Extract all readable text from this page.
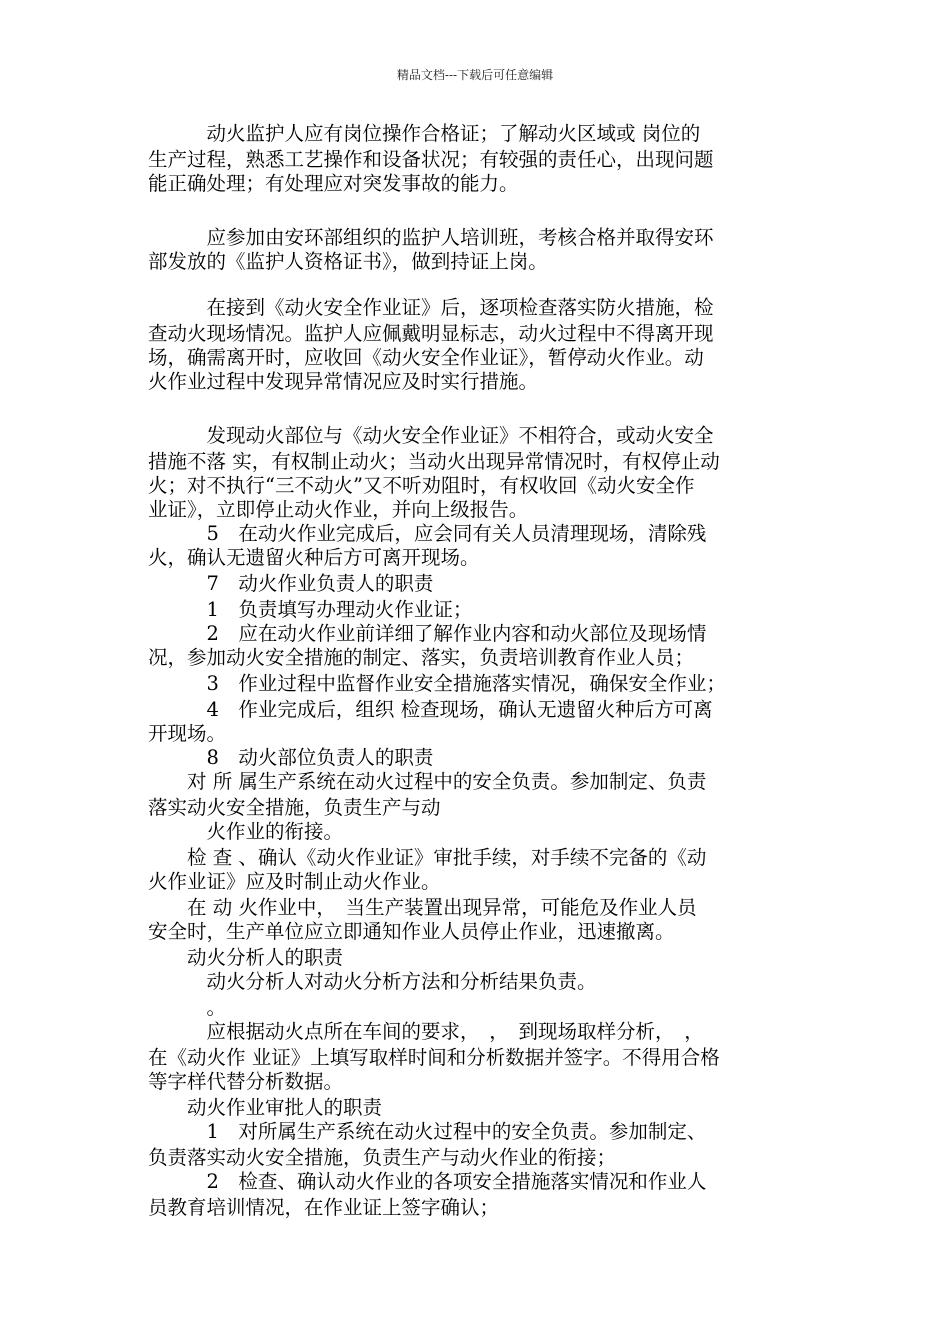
精品文档---下载后可任意编辑
　　　动火监护人应有岗位操作合格证；了解动火区域或 岗位的
生产过程，熟悉工艺操作和设备状况；有较强的责任心，出现问题
能正确处理；有处理应对突发事故的能力。
　　　应参加由安环部组织的监护人培训班，考核合格并取得安环
部发放的《监护人资格证书》，做到持证上岗。
　　　在接到《动火安全作业证》后，逐项检查落实防火措施，检
查动火现场情况。监护人应佩戴明显标志，动火过程中不得离开现
场，确需离开时，应收回《动火安全作业证》，暂停动火作业。动
火作业过程中发现异常情况应及时实行措施。
　　　发现动火部位与《动火安全作业证》不相符合，或动火安全
措施不落 实，有权制止动火；当动火出现异常情况时，有权停止动
火；对不执行“三不动火”又不听劝阻时，有权收回《动火安全作
业证》，立即停止动火作业，并向上级报告。
　　　5　在动火作业完成后，应会同有关人员清理现场，清除残
火，确认无遗留火种后方可离开现场。
　　　7　动火作业负责人的职责
　　　1　负责填写办理动火作业证；
　　　2　应在动火作业前详细了解作业内容和动火部位及现场情
况，参加动火安全措施的制定、落实，负责培训教育作业人员；
　　　3　作业过程中监督作业安全措施落实情况，确保安全作业；
　　　4　作业完成后，组织 检查现场，确认无遗留火种后方可离
开现场。
　　　8　动火部位负责人的职责
　　对 所 属生产系统在动火过程中的安全负责。参加制定、负责
落实动火安全措施，负责生产与动
　　　火作业的衔接。
　　检 查 、确认《动火作业证》审批手续，对手续不完备的《动
火作业证》应及时制止动火作业。
　　在 动 火作业中，　当生产装置出现异常，可能危及作业人员
安全时，生产单位应立即通知作业人员停止作业，迅速撤离。
　　动火分析人的职责
　　　动火分析人对动火分析方法和分析结果负责。
　　　。
　　　应根据动火点所在车间的要求，　，　到现场取样分析，　，
在《动火作 业证》上填写取样时间和分析数据并签字。不得用合格
等字样代替分析数据。
　　动火作业审批人的职责
　　　1　对所属生产系统在动火过程中的安全负责。参加制定、
负责落实动火安全措施，负责生产与动火作业的衔接；
　　　2　检查、确认动火作业的各项安全措施落实情况和作业人
员教育培训情况，在作业证上签字确认；
